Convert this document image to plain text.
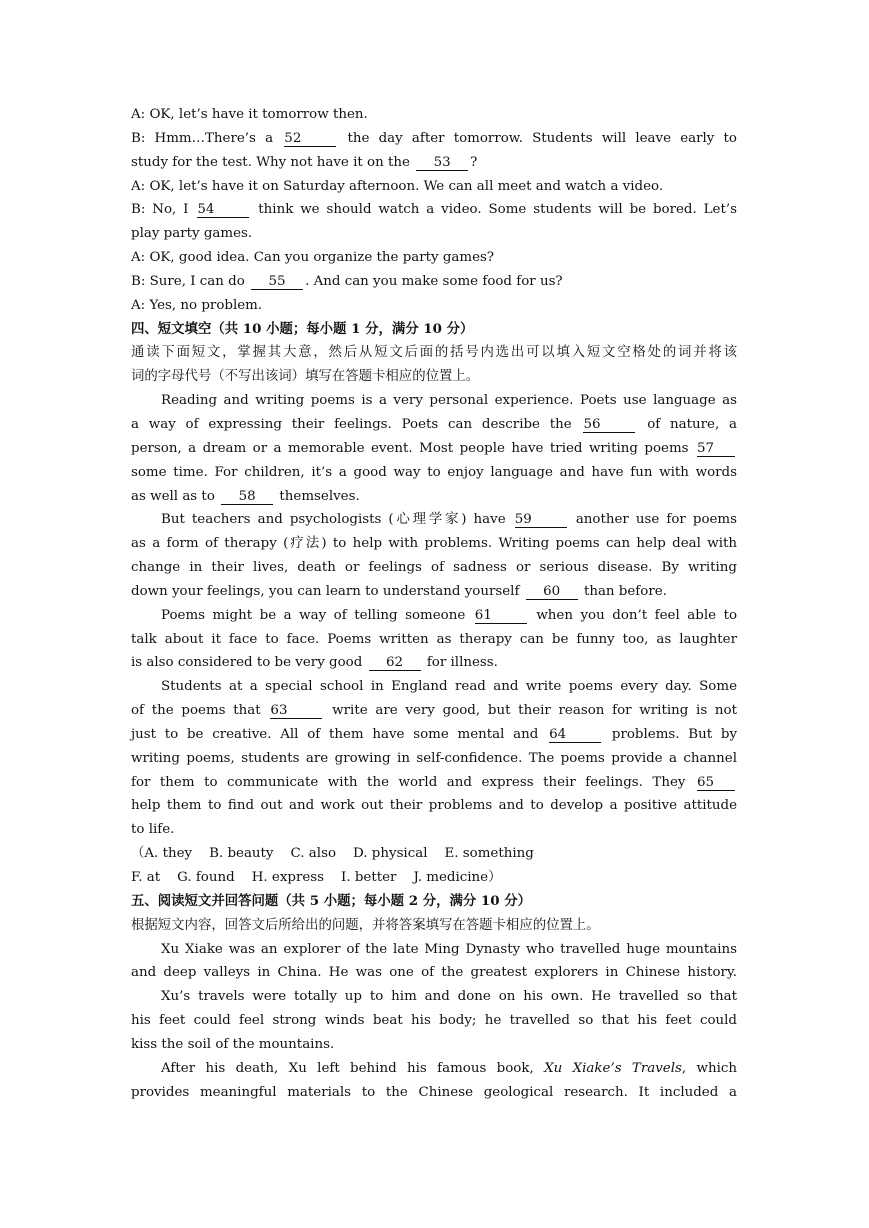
A: OK, let’s have it tomorrow then.
B: Hmm…There’s a 52	the day after tomorrow. Students will leave early to
study for the test. Why not have it on the 53 ?
A: OK, let’s have it on Saturday afternoon. We can all meet and watch a video.
B: No, I 54	think we should watch a video. Some students will be bored. Let’s
play party games.
A: OK, good idea. Can you organize the party games?
B: Sure, I can do 55 . And can you make some food for us?
A: Yes, no problem.
四、短文填空（共 10 小题；每小题 1 分，满分 10 分）
通读下面短文，掌握其大意，然后从短文后面的括号内选出可以填入短文空格处的词并将该
词的字母代号（不写出该词）填写在答题卡相应的位置上。
Reading and writing poems is a very personal experience. Poets use language as
a way of expressing their feelings. Poets can describe the 56	of nature, a
person, a dream or a memorable event. Most people have tried writing poems 57
some time. For children, it’s a good way to enjoy language and have fun with words
as well as to 58 themselves.
But teachers and psychologists (心理学家) have 59	another use for poems
as a form of therapy (疗法) to help with problems. Writing poems can help deal with
change in their lives, death or feelings of sadness or serious disease. By writing
down your feelings, you can learn to understand yourself 60 than before.
Poems might be a way of telling someone 61	when you don’t feel able to
talk about it face to face. Poems written as therapy can be funny too, as laughter
is also considered to be very good 62 for illness.
Students at a special school in England read and write poems every day. Some
of the poems that 63	write are very good, but their reason for writing is not
just to be creative. All of them have some mental and 64	problems. But by
writing poems, students are growing in self-confidence. The poems provide a channel
for them to communicate with the world and express their feelings. They 65
help them to find out and work out their problems and to develop a positive attitude
to life.
（A. they    B. beauty    C. also    D. physical    E. something
F. at    G. found    H. express    I. better    J. medicine）
五、阅读短文并回答问题（共 5 小题；每小题 2 分，满分 10 分）
根据短文内容，回答文后所给出的问题，并将答案填写在答题卡相应的位置上。
Xu Xiake was an explorer of the late Ming Dynasty who travelled huge mountains
and deep valleys in China. He was one of the greatest explorers in Chinese history.
Xu’s travels were totally up to him and done on his own. He travelled so that
his feet could feel strong winds beat his body; he travelled so that his feet could
kiss the soil of the mountains.
After his death, Xu left behind his famous book, Xu Xiake’s Travels, which
provides meaningful materials to the Chinese geological research. It included a
